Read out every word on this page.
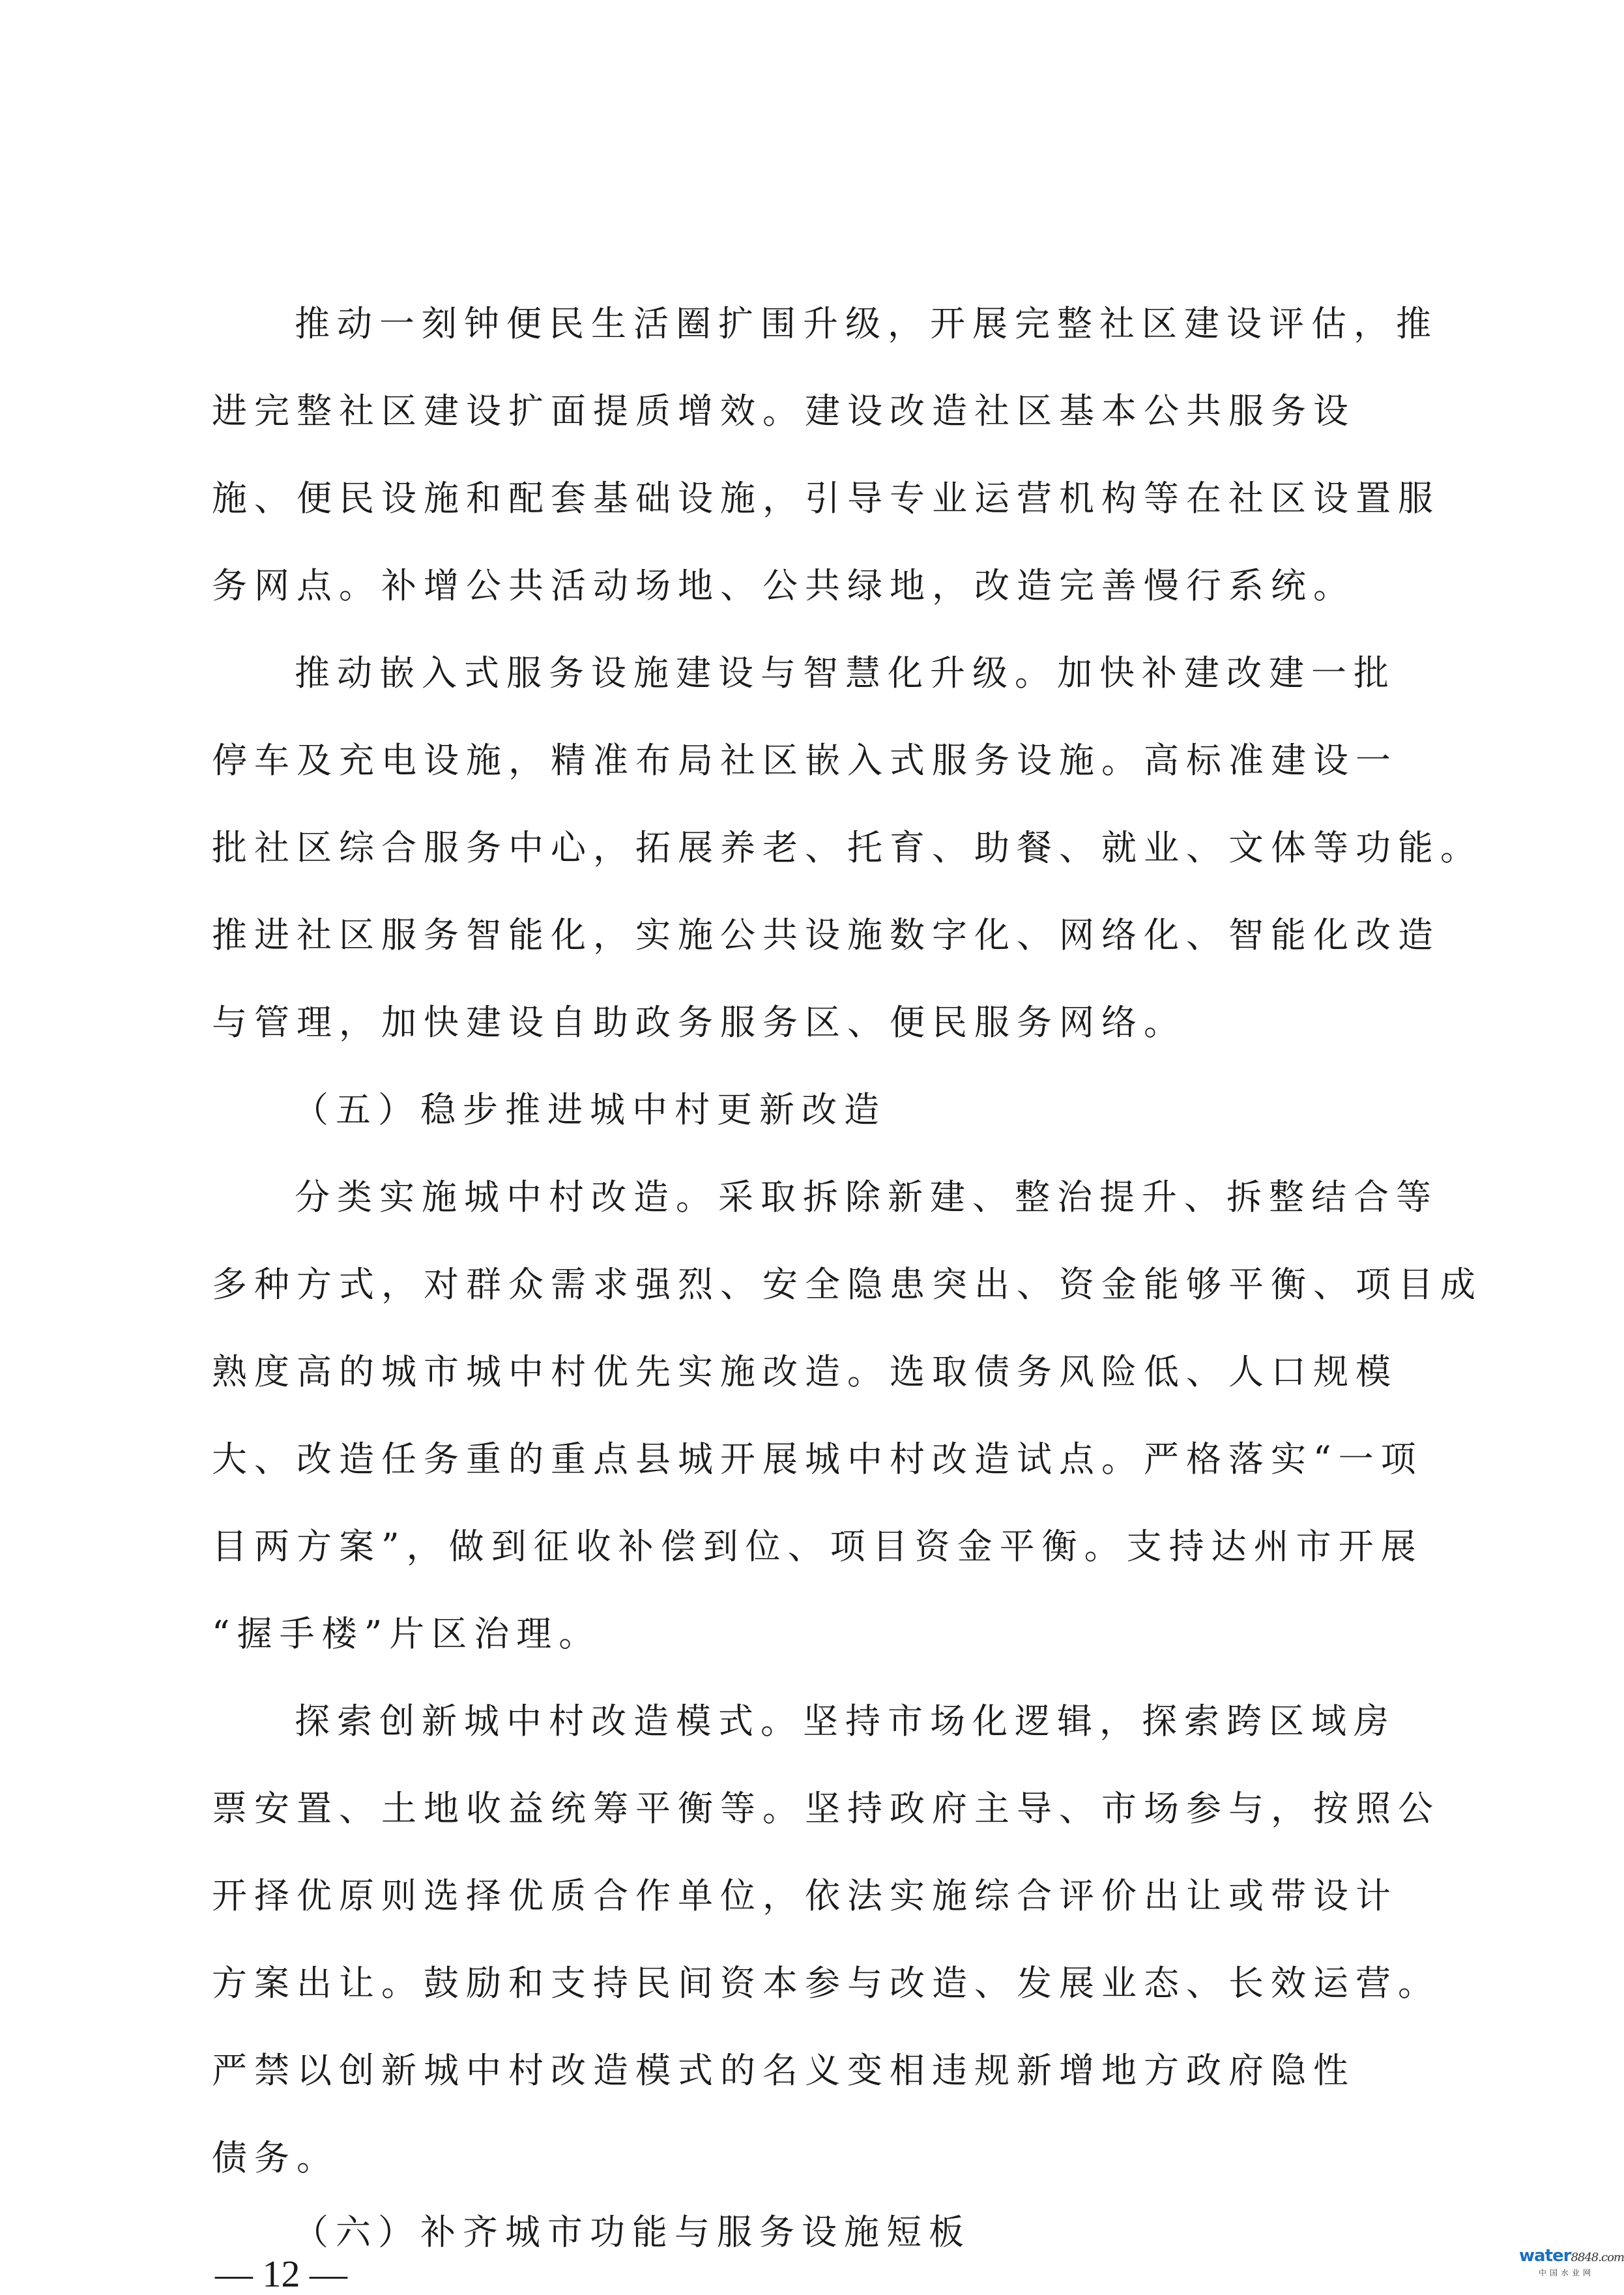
推动一刻钟便民生活圈扩围升级，开展完整社区建设评估，推
进完整社区建设扩面提质增效。建设改造社区基本公共服务设
施、便民设施和配套基础设施，引导专业运营机构等在社区设置服
务网点。补增公共活动场地、公共绿地，改造完善慢行系统。
推动嵌入式服务设施建设与智慧化升级。加快补建改建一批
停车及充电设施，精准布局社区嵌入式服务设施。高标准建设一
批社区综合服务中心，拓展养老、托育、助餐、就业、文体等功能。
推进社区服务智能化，实施公共设施数字化、网络化、智能化改造
与管理，加快建设自助政务服务区、便民服务网络。
（五）稳步推进城中村更新改造
分类实施城中村改造。采取拆除新建、整治提升、拆整结合等
多种方式，对群众需求强烈、安全隐患突出、资金能够平衡、项目成
熟度高的城市城中村优先实施改造。选取债务风险低、人口规模
大、改造任务重的重点县城开展城中村改造试点。严格落实“一项
目两方案”，做到征收补偿到位、项目资金平衡。支持达州市开展
“握手楼”片区治理。
探索创新城中村改造模式。坚持市场化逻辑，探索跨区域房
票安置、土地收益统筹平衡等。坚持政府主导、市场参与，按照公
开择优原则选择优质合作单位，依法实施综合评价出让或带设计
方案出让。鼓励和支持民间资本参与改造、发展业态、长效运营。
严禁以创新城中村改造模式的名义变相违规新增地方政府隐性
债务。
（六）补齐城市功能与服务设施短板
— 12 —	water8848.com
中国水业网
